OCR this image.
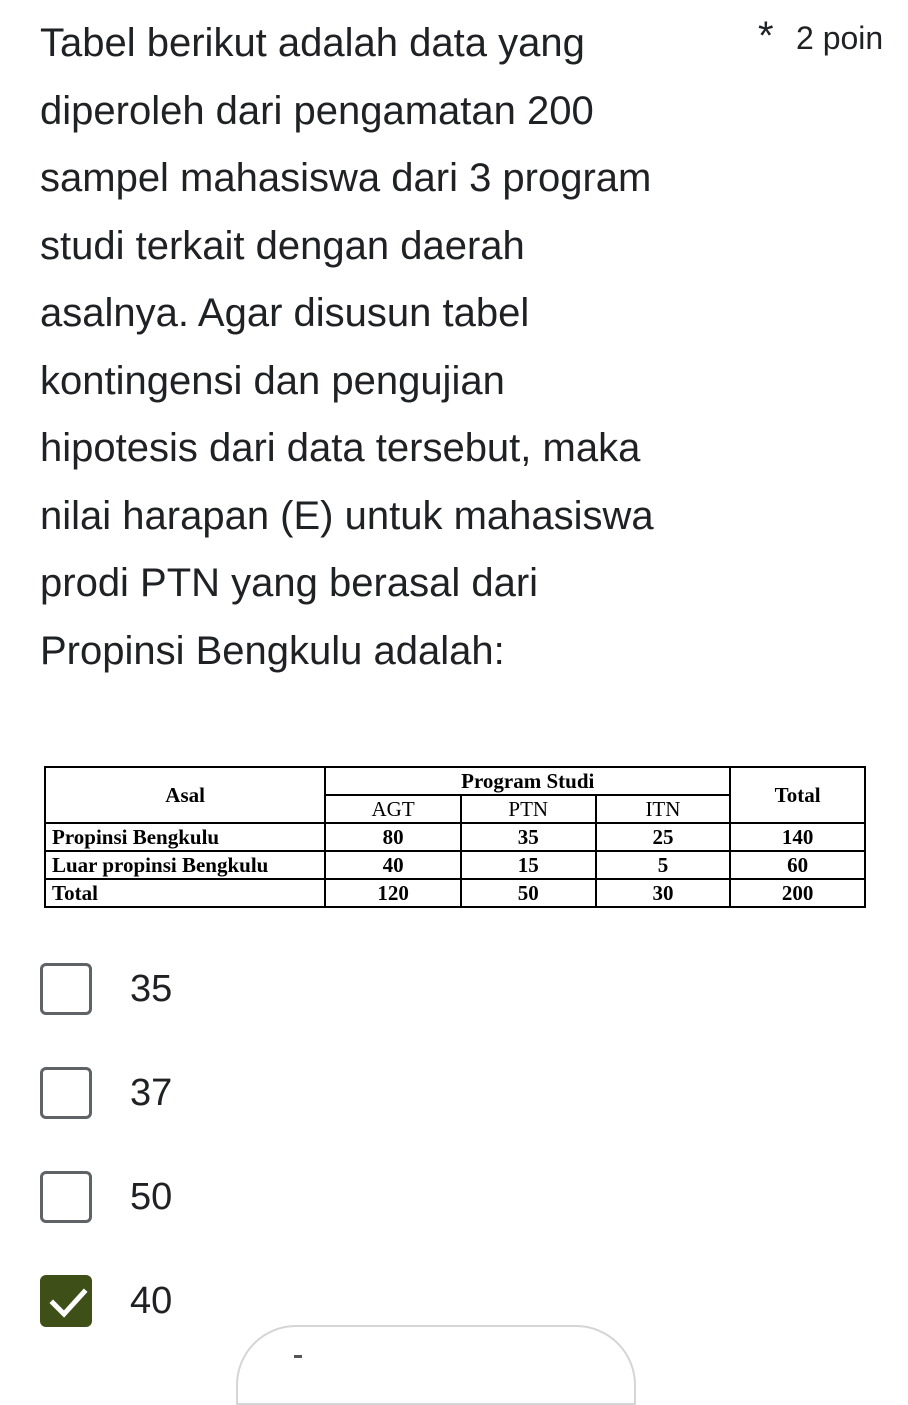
Tabel berikut adalah data yang
diperoleh dari pengamatan 200
sampel mahasiswa dari 3 program
studi terkait dengan daerah
asalnya. Agar disusun tabel
kontingensi dan pengujian
hipotesis dari data tersebut, maka
nilai harapan (E) untuk mahasiswa
prodi PTN yang berasal dari
Propinsi Bengkulu adalah:
* 2 poin
Asal	Program Studi			Total
	AGT	PTN	ITN	
Propinsi Bengkulu	80	35	25	140
Luar propinsi Bengkulu	40	15	5	60
Total	120	50	30	200
35
37
50
40
